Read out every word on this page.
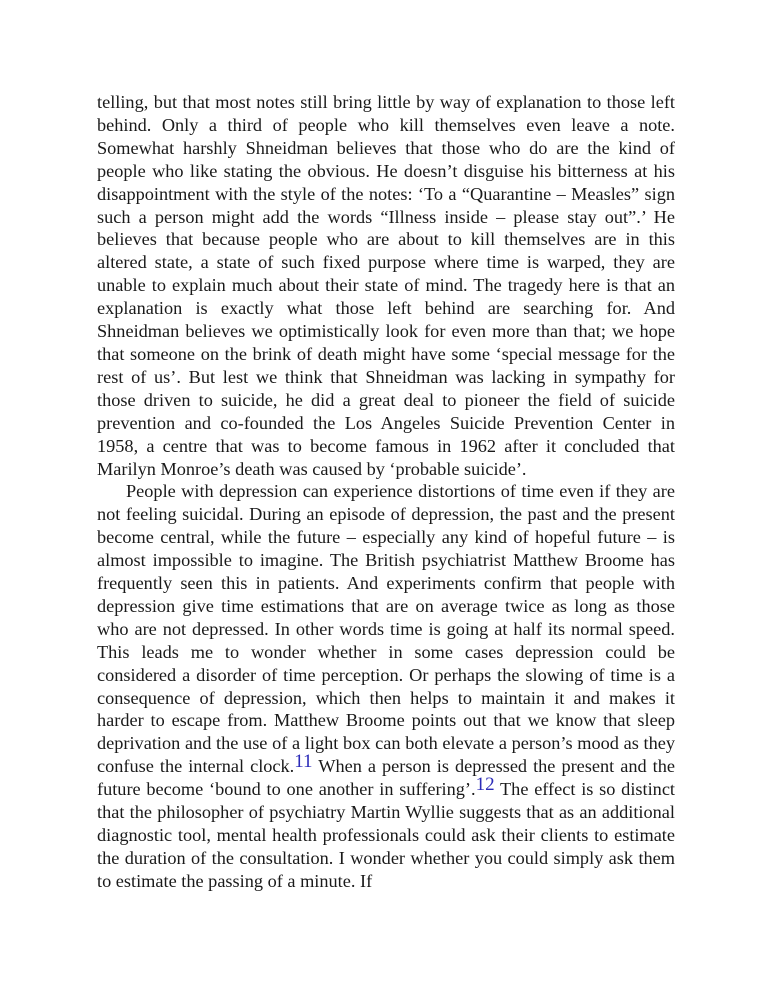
telling, but that most notes still bring little by way of explanation to those left behind. Only a third of people who kill themselves even leave a note. Somewhat harshly Shneidman believes that those who do are the kind of people who like stating the obvious. He doesn’t disguise his bitterness at his disappointment with the style of the notes: ‘To a “Quarantine – Measles” sign such a person might add the words “Illness inside – please stay out”.’ He believes that because people who are about to kill themselves are in this altered state, a state of such fixed purpose where time is warped, they are unable to explain much about their state of mind. The tragedy here is that an explanation is exactly what those left behind are searching for. And Shneidman believes we optimistically look for even more than that; we hope that someone on the brink of death might have some ‘special message for the rest of us’. But lest we think that Shneidman was lacking in sympathy for those driven to suicide, he did a great deal to pioneer the field of suicide prevention and co-founded the Los Angeles Suicide Prevention Center in 1958, a centre that was to become famous in 1962 after it concluded that Marilyn Monroe’s death was caused by ‘probable suicide’.

People with depression can experience distortions of time even if they are not feeling suicidal. During an episode of depression, the past and the present become central, while the future – especially any kind of hopeful future – is almost impossible to imagine. The British psychiatrist Matthew Broome has frequently seen this in patients. And experiments confirm that people with depression give time estimations that are on average twice as long as those who are not depressed. In other words time is going at half its normal speed. This leads me to wonder whether in some cases depression could be considered a disorder of time perception. Or perhaps the slowing of time is a consequence of depression, which then helps to maintain it and makes it harder to escape from. Matthew Broome points out that we know that sleep deprivation and the use of a light box can both elevate a person’s mood as they confuse the internal clock.$^{11}$ When a person is depressed the present and the future become ‘bound to one another in suffering’.$^{12}$ The effect is so distinct that the philosopher of psychiatry Martin Wyllie suggests that as an additional diagnostic tool, mental health professionals could ask their clients to estimate the duration of the consultation. I wonder whether you could simply ask them to estimate the passing of a minute. If
